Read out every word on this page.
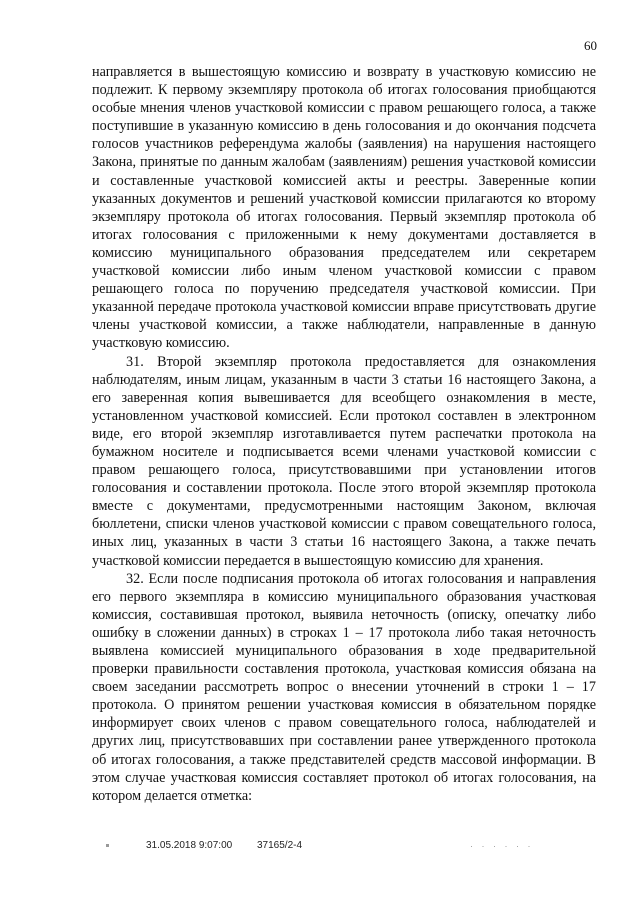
60

направляется в вышестоящую комиссию и возврату в участковую комиссию не подлежит. К первому экземпляру протокола об итогах голосования приобщаются особые мнения членов участковой комиссии с правом решающего голоса, а также поступившие в указанную комиссию в день голосования и до окончания подсчета голосов участников референдума жалобы (заявления) на нарушения настоящего Закона, принятые по данным жалобам (заявлениям) решения участковой комиссии и составленные участковой комиссией акты и реестры. Заверенные копии указанных документов и решений участковой комиссии прилагаются ко второму экземпляру протокола об итогах голосования. Первый экземпляр протокола об итогах голосования с приложенными к нему документами доставляется в комиссию муниципального образования председателем или секретарем участковой комиссии либо иным членом участковой комиссии с правом решающего голоса по поручению председателя участковой комиссии. При указанной передаче протокола участковой комиссии вправе присутствовать другие члены участковой комиссии, а также наблюдатели, направленные в данную участковую комиссию.

31. Второй экземпляр протокола предоставляется для ознакомления наблюдателям, иным лицам, указанным в части 3 статьи 16 настоящего Закона, а его заверенная копия вывешивается для всеобщего ознакомления в месте, установленном участковой комиссией. Если протокол составлен в электронном виде, его второй экземпляр изготавливается путем распечатки протокола на бумажном носителе и подписывается всеми членами участковой комиссии с правом решающего голоса, присутствовавшими при установлении итогов голосования и составлении протокола. После этого второй экземпляр протокола вместе с документами, предусмотренными настоящим Законом, включая бюллетени, списки членов участковой комиссии с правом совещательного голоса, иных лиц, указанных в части 3 статьи 16 настоящего Закона, а также печать участковой комиссии передается в вышестоящую комиссию для хранения.

32. Если после подписания протокола об итогах голосования и направления его первого экземпляра в комиссию муниципального образования участковая комиссия, составившая протокол, выявила неточность (описку, опечатку либо ошибку в сложении данных) в строках 1 – 17 протокола либо такая неточность выявлена комиссией муниципального образования в ходе предварительной проверки правильности составления протокола, участковая комиссия обязана на своем заседании рассмотреть вопрос о внесении уточнений в строки 1 – 17 протокола. О принятом решении участковая комиссия в обязательном порядке информирует своих членов с правом совещательного голоса, наблюдателей и других лиц, присутствовавших при составлении ранее утвержденного протокола об итогах голосования, а также представителей средств массовой информации. В этом случае участковая комиссия составляет протокол об итогах голосования, на котором делается отметка:

31.05.2018 9:07:00 37165/2-4	· · · · · ·
